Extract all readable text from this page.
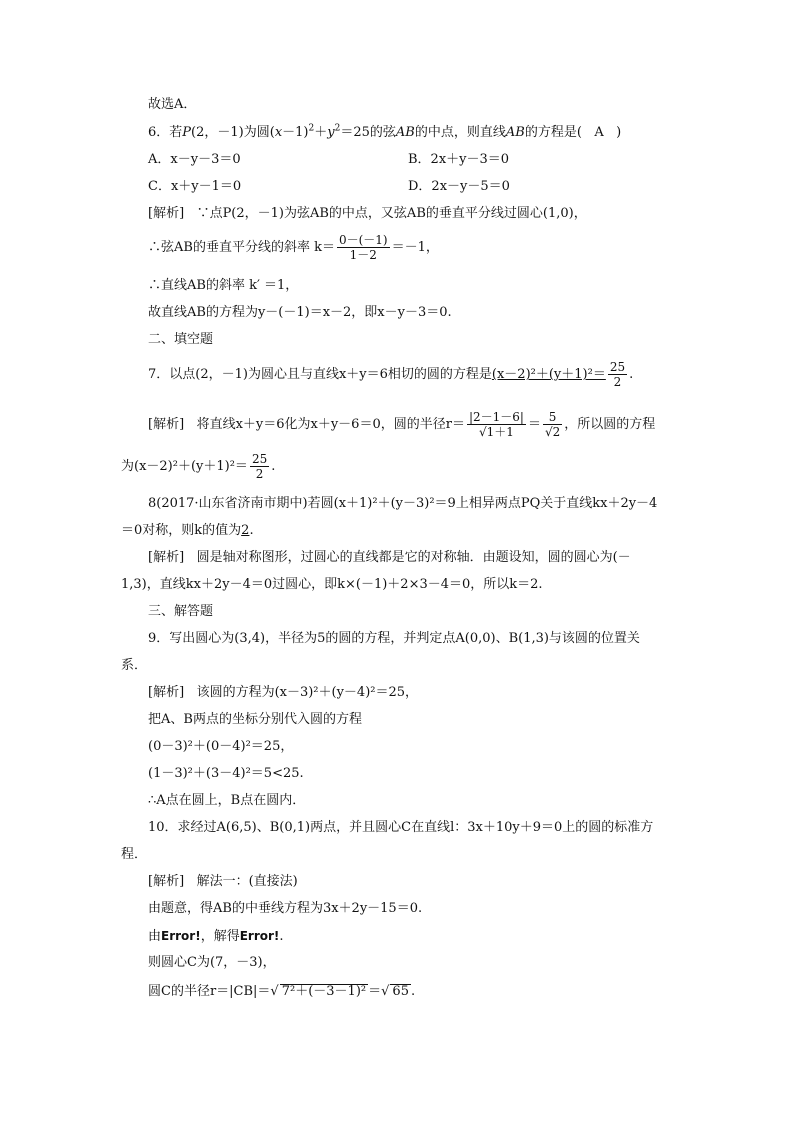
故选A．
6．若P(2，－1)为圆$(x-1)^2+y^2=25$的弦AB的中点，则直线AB的方程是( A )
A．x－y－3＝0	B．2x＋y－3＝0
C．x＋y－1＝0	D．2x－y－5＝0
[解析] ∵点P(2，－1)为弦AB的中点，又弦AB的垂直平分线过圆心(1,0)，
∴弦AB的垂直平分线的斜率 $k= \frac{0-(-1)}{1-2} =-1$，
∴直线AB的斜率 k′ ＝1，
故直线AB的方程为y－(－1)＝x－2，即x－y－3＝0.
二、填空题
7．以点(2，－1)为圆心且与直线x＋y＝6相切的圆的方程是$(x-2)^2+(y+1)^2= \frac{25}{2}$ .
[解析] 将直线x＋y＝6化为x＋y－6＝0，圆的半径$r= \frac{|2-1-6|}{√1+1} = \frac{5}{√2}$ ，所以圆的方程
为$(x-2)^2+(y+1)^2= \frac{25}{2}$ .
8(2017·山东省济南市期中)若圆(x＋1)²＋(y－3)²＝9上相异两点PQ关于直线kx＋2y－4
＝0对称，则k的值为2.
[解析] 圆是轴对称图形，过圆心的直线都是它的对称轴．由题设知，圆的圆心为(－
1,3)，直线kx＋2y－4＝0过圆心，即k×(－1)＋2×3－4＝0，所以k＝2.
三、解答题
9．写出圆心为(3,4)，半径为5的圆的方程，并判定点A(0,0)、B(1,3)与该圆的位置关
系．
[解析] 该圆的方程为(x－3)²＋(y－4)²＝25，
把A、B两点的坐标分别代入圆的方程
(0－3)²＋(0－4)²＝25，
(1－3)²＋(3－4)²＝5<25.
∴A点在圆上，B点在圆内．
10．求经过A(6,5)、B(0,1)两点，并且圆心C在直线l：3x＋10y＋9＝0上的圆的标准方
程．
[解析] 解法一：(直接法)
由题意，得AB的中垂线方程为3x＋2y－15＝0.
由Error!，解得Error!.
则圆心C为(7，－3)，
圆C的半径r＝|CB|＝√ 7²＋(－3－1)² ＝√ 65 .
